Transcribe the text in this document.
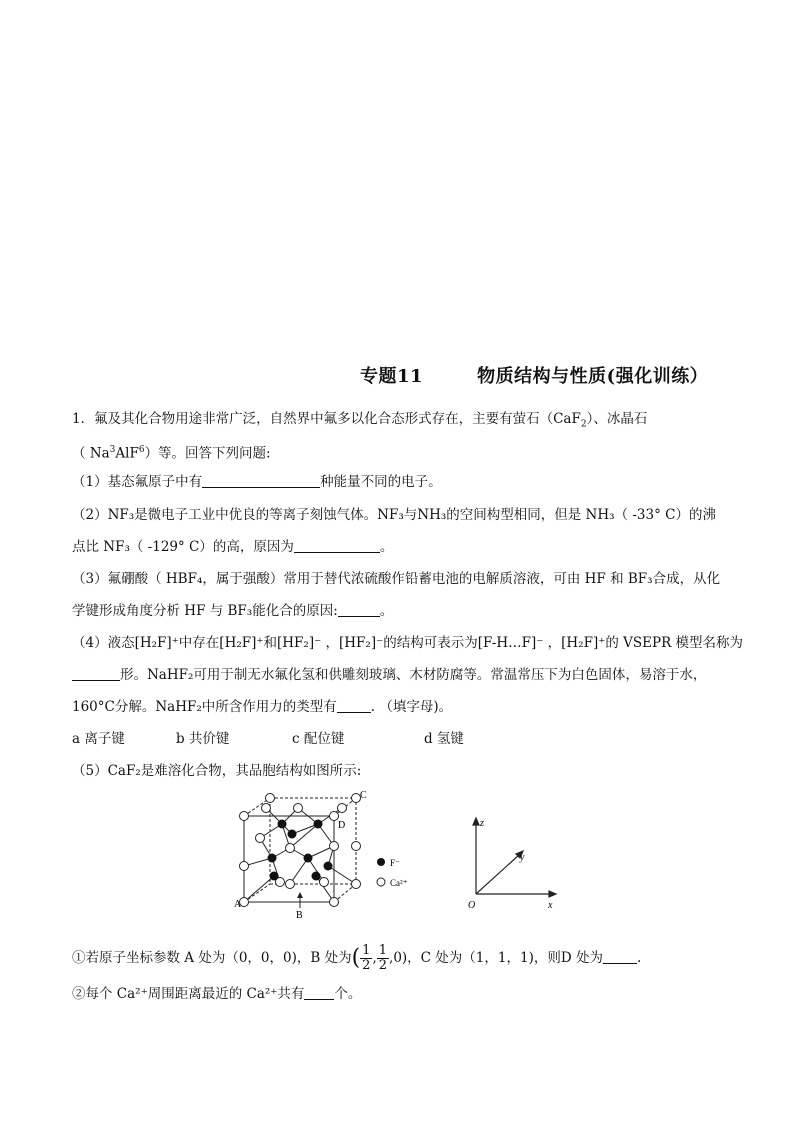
专题11        物质结构与性质(强化训练）
1．氟及其化合物用途非常广泛，自然界中氟多以化合态形式存在，主要有萤石（CaF$_2$）、冰晶石
（ Na$^3$AlF$^6$）等。回答下列问题:
（1）基态氟原子中有	种能量不同的电子。
（2）NF₃是微电子工业中优良的等离子刻蚀气体。NF₃与NH₃的空间构型相同，但是 NH₃（ -33° C）的沸
点比 NF₃（ -129° C）的高，原因为	。
（3）氟硼酸（ HBF₄，属于强酸）常用于替代浓硫酸作铅蓄电池的电解质溶液，可由 HF 和 BF₃合成，从化
学键形成角度分析 HF 与 BF₃能化合的原因:	。
（4）液态[H₂F]⁺中存在[H₂F]⁺和[HF₂]⁻ ，[HF₂]⁻的结构可表示为[F-H…F]⁻ ，[H₂F]⁺的 VSEPR 模型名称为
形。NaHF₂可用于制无水氟化氢和供雕刻玻璃、木材防腐等。常温常压下为白色固体，易溶于水，
160°C分解。NaHF₂中所含作用力的类型有	. （填字母)。
a 离子键	b 共价键	c 配位键	d 氢键
（5）CaF₂是难溶化合物，其品胞结构如图所示:
A
B
C
D
F⁻
Ca²⁺
z
y
x
O
①若原子坐标参数 A 处为（0，0，0)，B 处为( $\frac{1}{2}$ , $\frac{1}{2} ,0$)，C 处为（1，1，1)，则D 处为	.
②每个 Ca²⁺周围距离最近的 Ca²⁺共有 个。
